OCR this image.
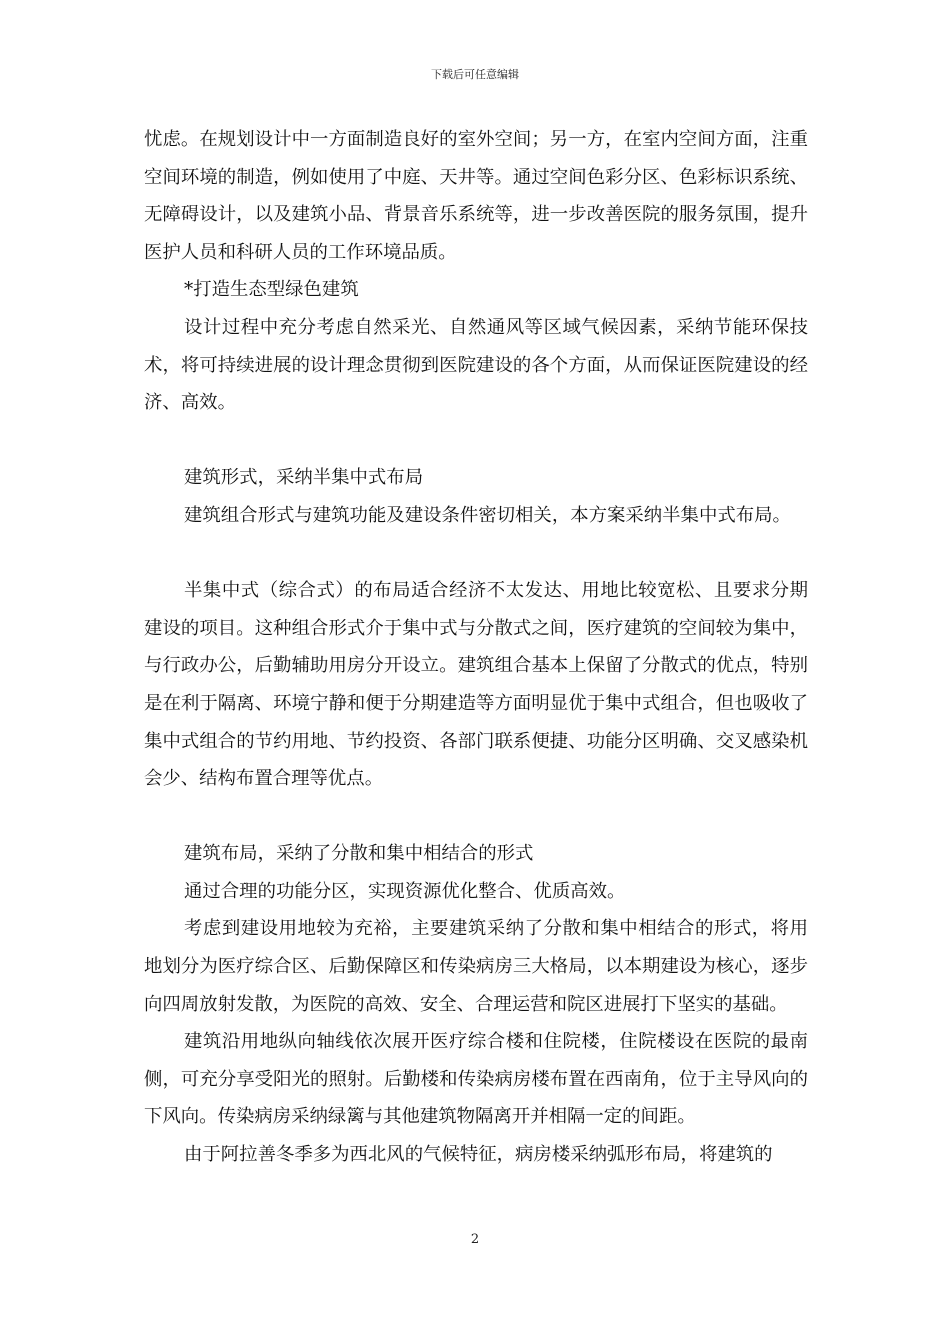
下载后可任意编辑

忧虑。在规划设计中一方面制造良好的室外空间；另一方，在室内空间方面，注重空间环境的制造，例如使用了中庭、天井等。通过空间色彩分区、色彩标识系统、无障碍设计，以及建筑小品、背景音乐系统等，进一步改善医院的服务氛围，提升医护人员和科研人员的工作环境品质。

*打造生态型绿色建筑

设计过程中充分考虑自然采光、自然通风等区域气候因素，采纳节能环保技术，将可持续进展的设计理念贯彻到医院建设的各个方面，从而保证医院建设的经济、高效。

建筑形式，采纳半集中式布局

建筑组合形式与建筑功能及建设条件密切相关，本方案采纳半集中式布局。

半集中式（综合式）的布局适合经济不太发达、用地比较宽松、且要求分期建设的项目。这种组合形式介于集中式与分散式之间，医疗建筑的空间较为集中，与行政办公，后勤辅助用房分开设立。建筑组合基本上保留了分散式的优点，特别是在利于隔离、环境宁静和便于分期建造等方面明显优于集中式组合，但也吸收了集中式组合的节约用地、节约投资、各部门联系便捷、功能分区明确、交叉感染机会少、结构布置合理等优点。

建筑布局，采纳了分散和集中相结合的形式

通过合理的功能分区，实现资源优化整合、优质高效。

考虑到建设用地较为充裕，主要建筑采纳了分散和集中相结合的形式，将用地划分为医疗综合区、后勤保障区和传染病房三大格局，以本期建设为核心，逐步向四周放射发散，为医院的高效、安全、合理运营和院区进展打下坚实的基础。

建筑沿用地纵向轴线依次展开医疗综合楼和住院楼，住院楼设在医院的最南侧，可充分享受阳光的照射。后勤楼和传染病房楼布置在西南角，位于主导风向的下风向。传染病房采纳绿篱与其他建筑物隔离开并相隔一定的间距。

由于阿拉善冬季多为西北风的气候特征，病房楼采纳弧形布局，将建筑的

2
